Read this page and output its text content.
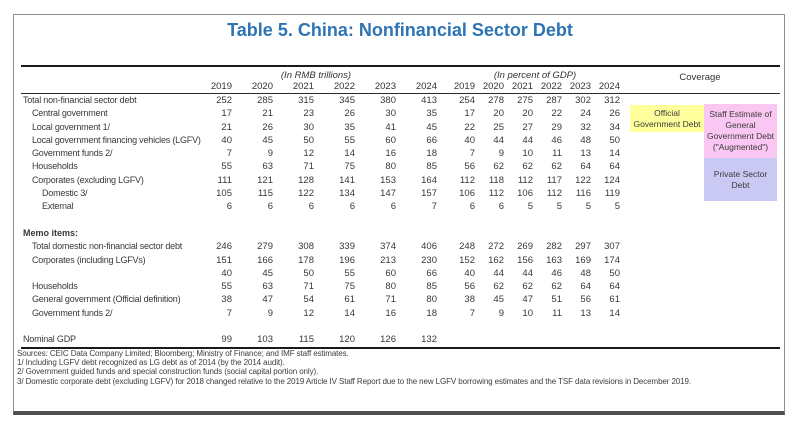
Table 5. China: Nonfinancial Sector Debt
(In RMB trillions)	(In percent of GDP)
2019	2020	2021	2022	2023	2024	2019 2020 2021 2022 2023 2024
Total non-financial sector debt	252	285	315	345	380	413	254	278	275	287	302	312
Central government	17	21	23	26	30	35	17	20	20	22	24	26
Local government 1/	21	26	30	35	41	45	22	25	27	29	32	34
Local government financing vehicles (LGFV)	40	45	50	55	60	66	40	44	44	46	48	50
Government funds 2/	7	9	12	14	16	18	7	9	10	11	13	14
Households	55	63	71	75	80	85	56	62	62	62	64	64
Corporates (excluding LGFV)	111	121	128	141	153	164	112	118	112	117	122	124
Domestic 3/	105	115	122	134	147	157	106	112	106	112	116	119
External	6	6	6	6	6	7	6	6	5	5	5	5
Memo items:
Total domestic non-financial sector debt	246	279	308	339	374	406	248	272	269	282	297	307
Corporates (including LGFVs)	151	166	178	196	213	230	152	162	156	163	169	174
40	45	50	55	60	66	40	44	44	46	48	50
Households	55	63	71	75	80	85	56	62	62	62	64	64
General government (Official definition)	38	47	54	61	71	80	38	45	47	51	56	61
Government funds 2/	7	9	12	14	16	18	7	9	10	11	13	14
Nominal GDP	99	103	115	120	126	132
Coverage
Official Government Debt
Staff Estimate of General Government Debt ("Augmented")
Private Sector Debt
Sources: CEIC Data Company Limited; Bloomberg; Ministry of Finance; and IMF staff estimates.
1/ Including LGFV debt recognized as LG debt as of 2014 (by the 2014 audit).
2/ Government guided funds and special construction funds (social capital portion only).
3/ Domestic corporate debt (excluding LGFV) for 2018 changed relative to the 2019 Article IV Staff Report due to the new LGFV borrowing estimates and the TSF data revisions in December 2019.
